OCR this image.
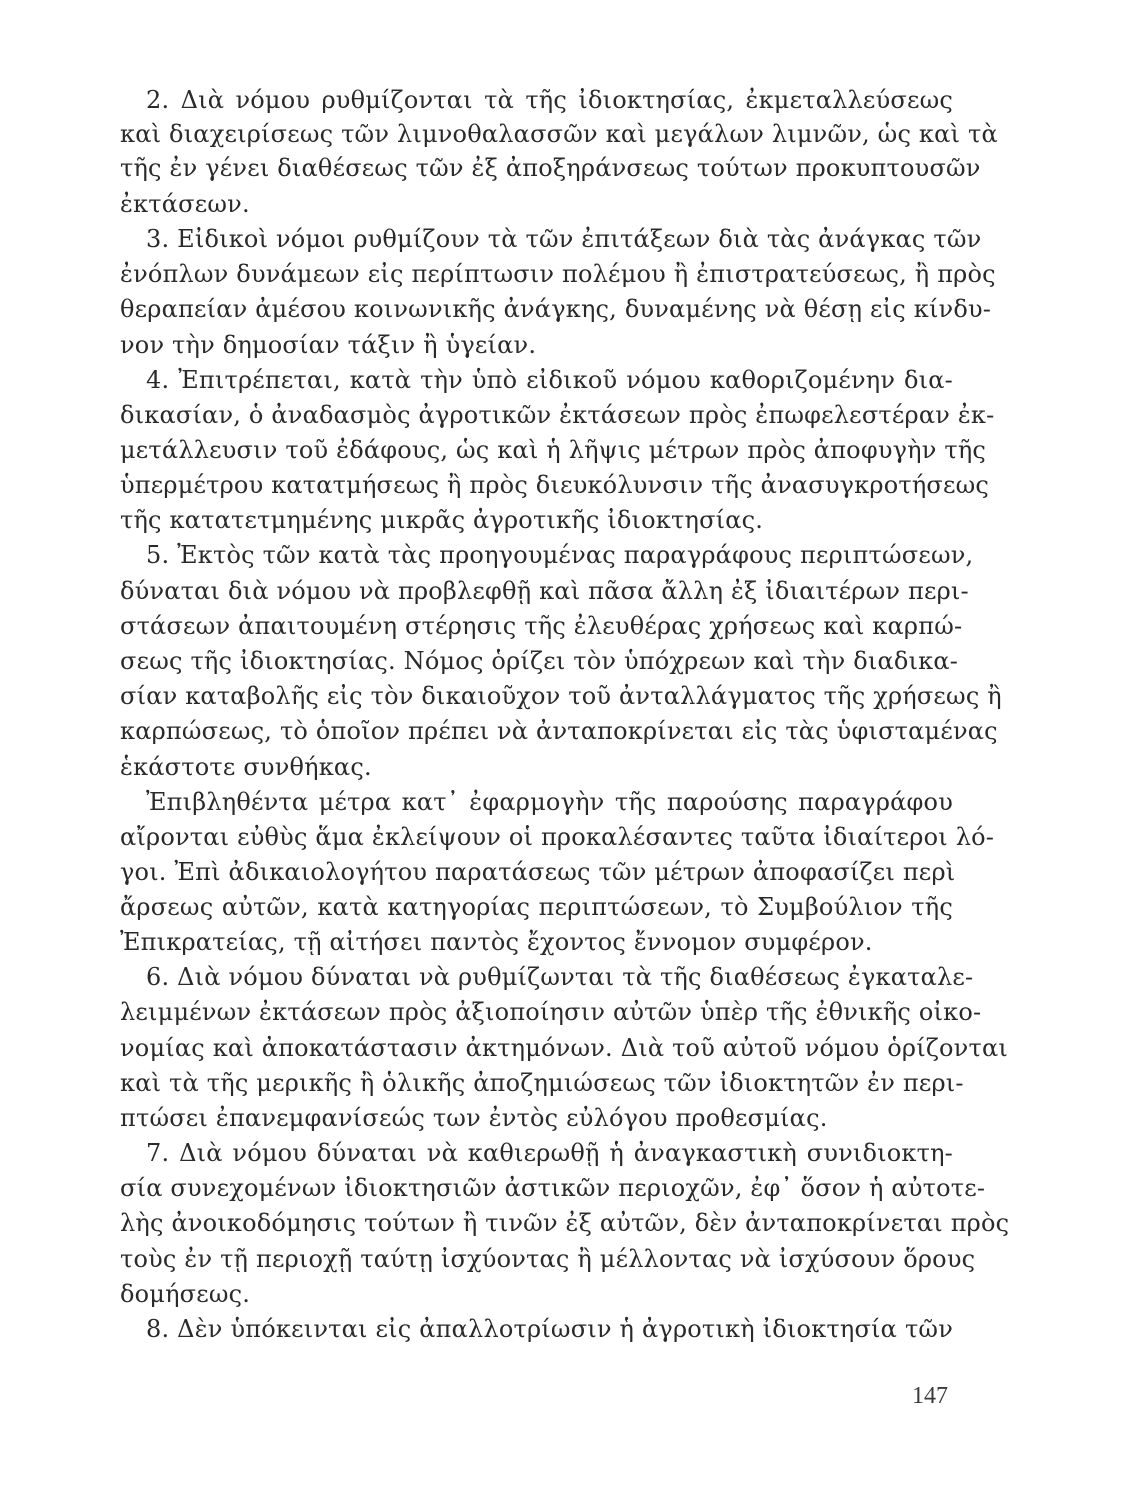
2. Διὰ νόμου ρυθμίζονται τὰ τῆς ἰδιοκτησίας, ἐκμεταλλεύσεως
καὶ διαχειρίσεως τῶν λιμνοθαλασσῶν καὶ μεγάλων λιμνῶν, ὡς καὶ τὰ
τῆς ἐν γένει διαθέσεως τῶν ἐξ ἀποξηράνσεως τούτων προκυπτουσῶν
ἐκτάσεων.
3. Εἰδικοὶ νόμοι ρυθμίζουν τὰ τῶν ἐπιτάξεων διὰ τὰς ἀνάγκας τῶν
ἐνόπλων δυνάμεων εἰς περίπτωσιν πολέμου ἢ ἐπιστρατεύσεως, ἢ πρὸς
θεραπείαν ἀμέσου κοινωνικῆς ἀνάγκης, δυναμένης νὰ θέσῃ εἰς κίνδυ-
νον τὴν δημοσίαν τάξιν ἢ ὑγείαν.
4. Ἐπιτρέπεται, κατὰ τὴν ὑπὸ εἰδικοῦ νόμου καθοριζομένην δια-
δικασίαν, ὁ ἀναδασμὸς ἀγροτικῶν ἐκτάσεων πρὸς ἐπωφελεστέραν ἐκ-
μετάλλευσιν τοῦ ἐδάφους, ὡς καὶ ἡ λῆψις μέτρων πρὸς ἀποφυγὴν τῆς
ὑπερμέτρου κατατμήσεως ἢ πρὸς διευκόλυνσιν τῆς ἀνασυγκροτήσεως
τῆς κατατετμημένης μικρᾶς ἀγροτικῆς ἰδιοκτησίας.
5. Ἐκτὸς τῶν κατὰ τὰς προηγουμένας παραγράφους περιπτώσεων,
δύναται διὰ νόμου νὰ προβλεφθῇ καὶ πᾶσα ἄλλη ἐξ ἰδιαιτέρων περι-
στάσεων ἀπαιτουμένη στέρησις τῆς ἐλευθέρας χρήσεως καὶ καρπώ-
σεως τῆς ἰδιοκτησίας. Νόμος ὁρίζει τὸν ὑπόχρεων καὶ τὴν διαδικα-
σίαν καταβολῆς εἰς τὸν δικαιοῦχον τοῦ ἀνταλλάγματος τῆς χρήσεως ἢ
καρπώσεως, τὸ ὁποῖον πρέπει νὰ ἀνταποκρίνεται εἰς τὰς ὑφισταμένας
ἑκάστοτε συνθήκας.
Ἐπιβληθέντα μέτρα κατ᾽ ἐφαρμογὴν τῆς παρούσης παραγράφου
αἴρονται εὐθὺς ἅμα ἐκλείψουν οἱ προκαλέσαντες ταῦτα ἰδιαίτεροι λό-
γοι. Ἐπὶ ἀδικαιολογήτου παρατάσεως τῶν μέτρων ἀποφασίζει περὶ
ἄρσεως αὐτῶν, κατὰ κατηγορίας περιπτώσεων, τὸ Συμβούλιον τῆς
Ἐπικρατείας, τῇ αἰτήσει παντὸς ἔχοντος ἔννομον συμφέρον.
6. Διὰ νόμου δύναται νὰ ρυθμίζωνται τὰ τῆς διαθέσεως ἐγκαταλε-
λειμμένων ἐκτάσεων πρὸς ἀξιοποίησιν αὐτῶν ὑπὲρ τῆς ἐθνικῆς οἰκο-
νομίας καὶ ἀποκατάστασιν ἀκτημόνων. Διὰ τοῦ αὐτοῦ νόμου ὁρίζονται
καὶ τὰ τῆς μερικῆς ἢ ὁλικῆς ἀποζημιώσεως τῶν ἰδιοκτητῶν ἐν περι-
πτώσει ἐπανεμφανίσεώς των ἐντὸς εὐλόγου προθεσμίας.
7. Διὰ νόμου δύναται νὰ καθιερωθῇ ἡ ἀναγκαστικὴ συνιδιοκτη-
σία συνεχομένων ἰδιοκτησιῶν ἀστικῶν περιοχῶν, ἐφ᾽ ὅσον ἡ αὐτοτε-
λὴς ἀνοικοδόμησις τούτων ἢ τινῶν ἐξ αὐτῶν, δὲν ἀνταποκρίνεται πρὸς
τοὺς ἐν τῇ περιοχῇ ταύτῃ ἰσχύοντας ἢ μέλλοντας νὰ ἰσχύσουν ὅρους
δομήσεως.
8. Δὲν ὑπόκεινται εἰς ἀπαλλοτρίωσιν ἡ ἀγροτικὴ ἰδιοκτησία τῶν
147
